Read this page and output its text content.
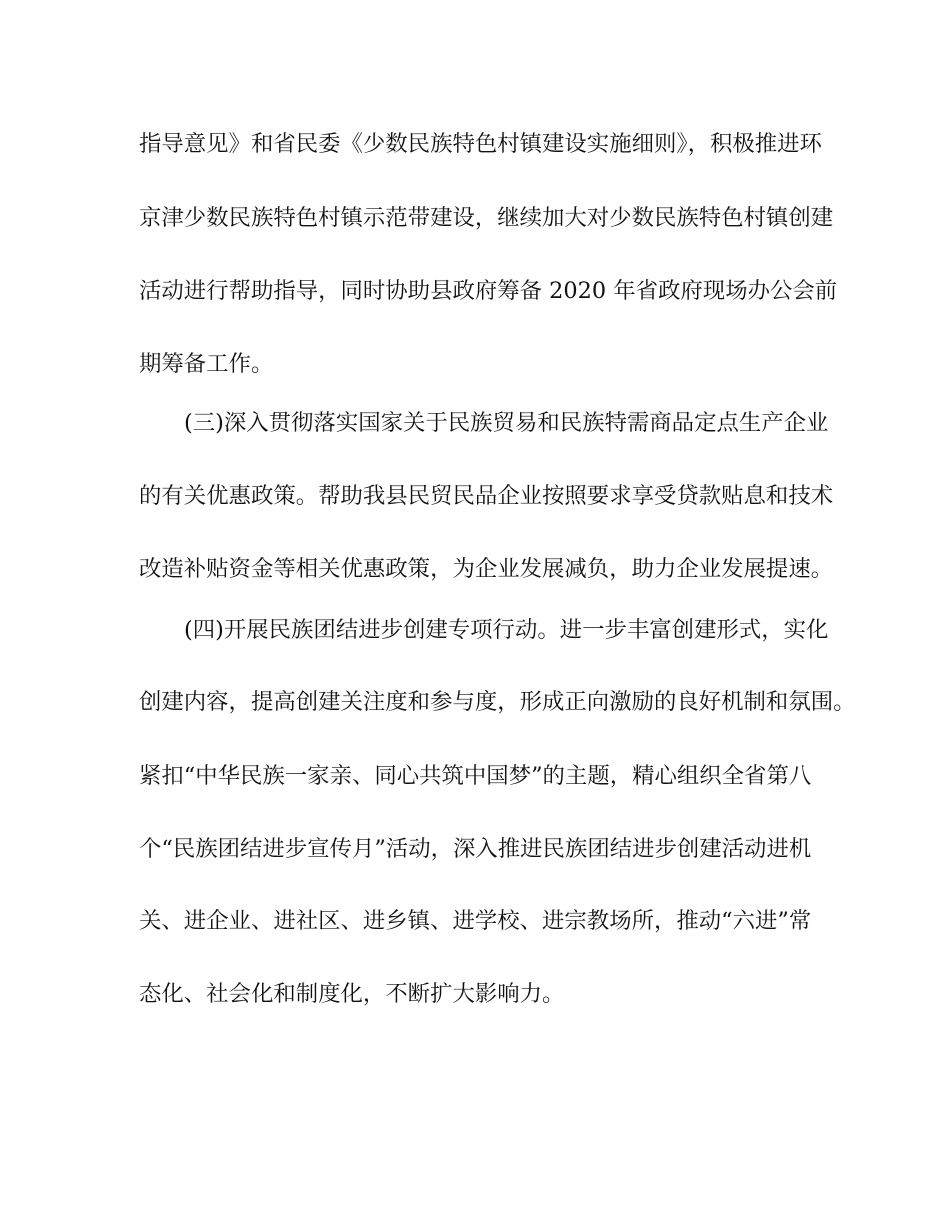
指导意见》和省民委《少数民族特色村镇建设实施细则》，积极推进环
京津少数民族特色村镇示范带建设，继续加大对少数民族特色村镇创建
活动进行帮助指导，同时协助县政府筹备 2020 年省政府现场办公会前
期筹备工作。
(三)深入贯彻落实国家关于民族贸易和民族特需商品定点生产企业
的有关优惠政策。帮助我县民贸民品企业按照要求享受贷款贴息和技术
改造补贴资金等相关优惠政策，为企业发展减负，助力企业发展提速。
(四)开展民族团结进步创建专项行动。进一步丰富创建形式，实化
创建内容，提高创建关注度和参与度，形成正向激励的良好机制和氛围。
紧扣“中华民族一家亲、同心共筑中国梦”的主题，精心组织全省第八
个“民族团结进步宣传月”活动，深入推进民族团结进步创建活动进机
关、进企业、进社区、进乡镇、进学校、进宗教场所，推动“六进”常
态化、社会化和制度化，不断扩大影响力。
